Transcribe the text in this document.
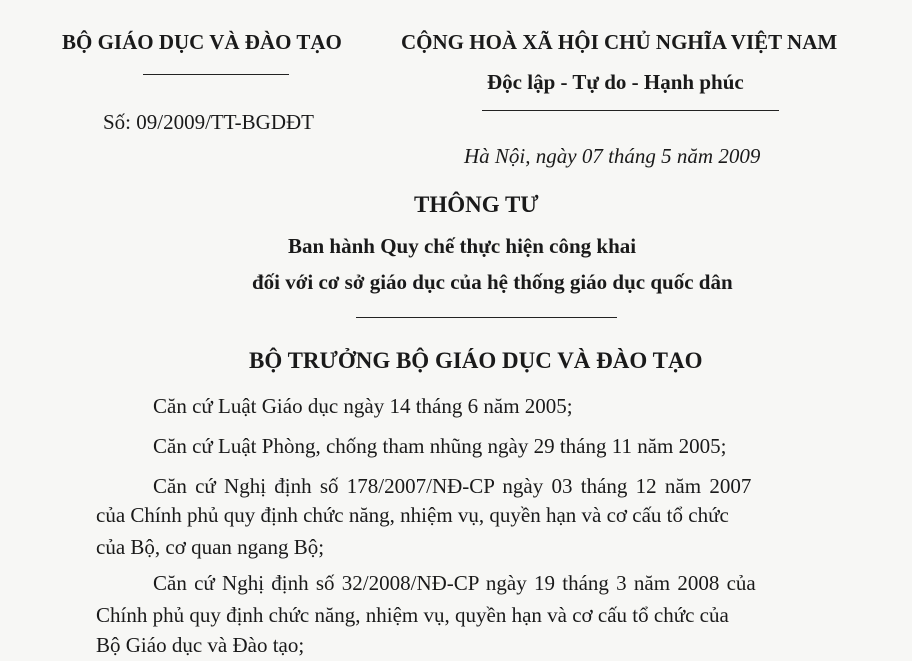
BỘ GIÁO DỤC VÀ ĐÀO TẠO
Số: 09/2009/TT-BGDĐT
CỘNG HOÀ XÃ HỘI CHỦ NGHĨA VIỆT NAM
Độc lập - Tự do - Hạnh phúc
Hà Nội, ngày 07 tháng 5 năm 2009
THÔNG TƯ
Ban hành Quy chế thực hiện công khai
đối với cơ sở giáo dục của hệ thống giáo dục quốc dân
BỘ TRƯỞNG BỘ GIÁO DỤC VÀ ĐÀO TẠO
Căn cứ Luật Giáo dục ngày 14 tháng 6 năm 2005;
Căn cứ Luật Phòng, chống tham nhũng ngày 29 tháng 11 năm 2005;
Căn cứ Nghị định số 178/2007/NĐ-CP ngày 03 tháng 12 năm 2007
của Chính phủ quy định chức năng, nhiệm vụ, quyền hạn và cơ cấu tổ chức
của Bộ, cơ quan ngang Bộ;
Căn cứ Nghị định số 32/2008/NĐ-CP ngày 19 tháng 3 năm 2008 của
Chính phủ quy định chức năng, nhiệm vụ, quyền hạn và cơ cấu tổ chức của
Bộ Giáo dục và Đào tạo;
